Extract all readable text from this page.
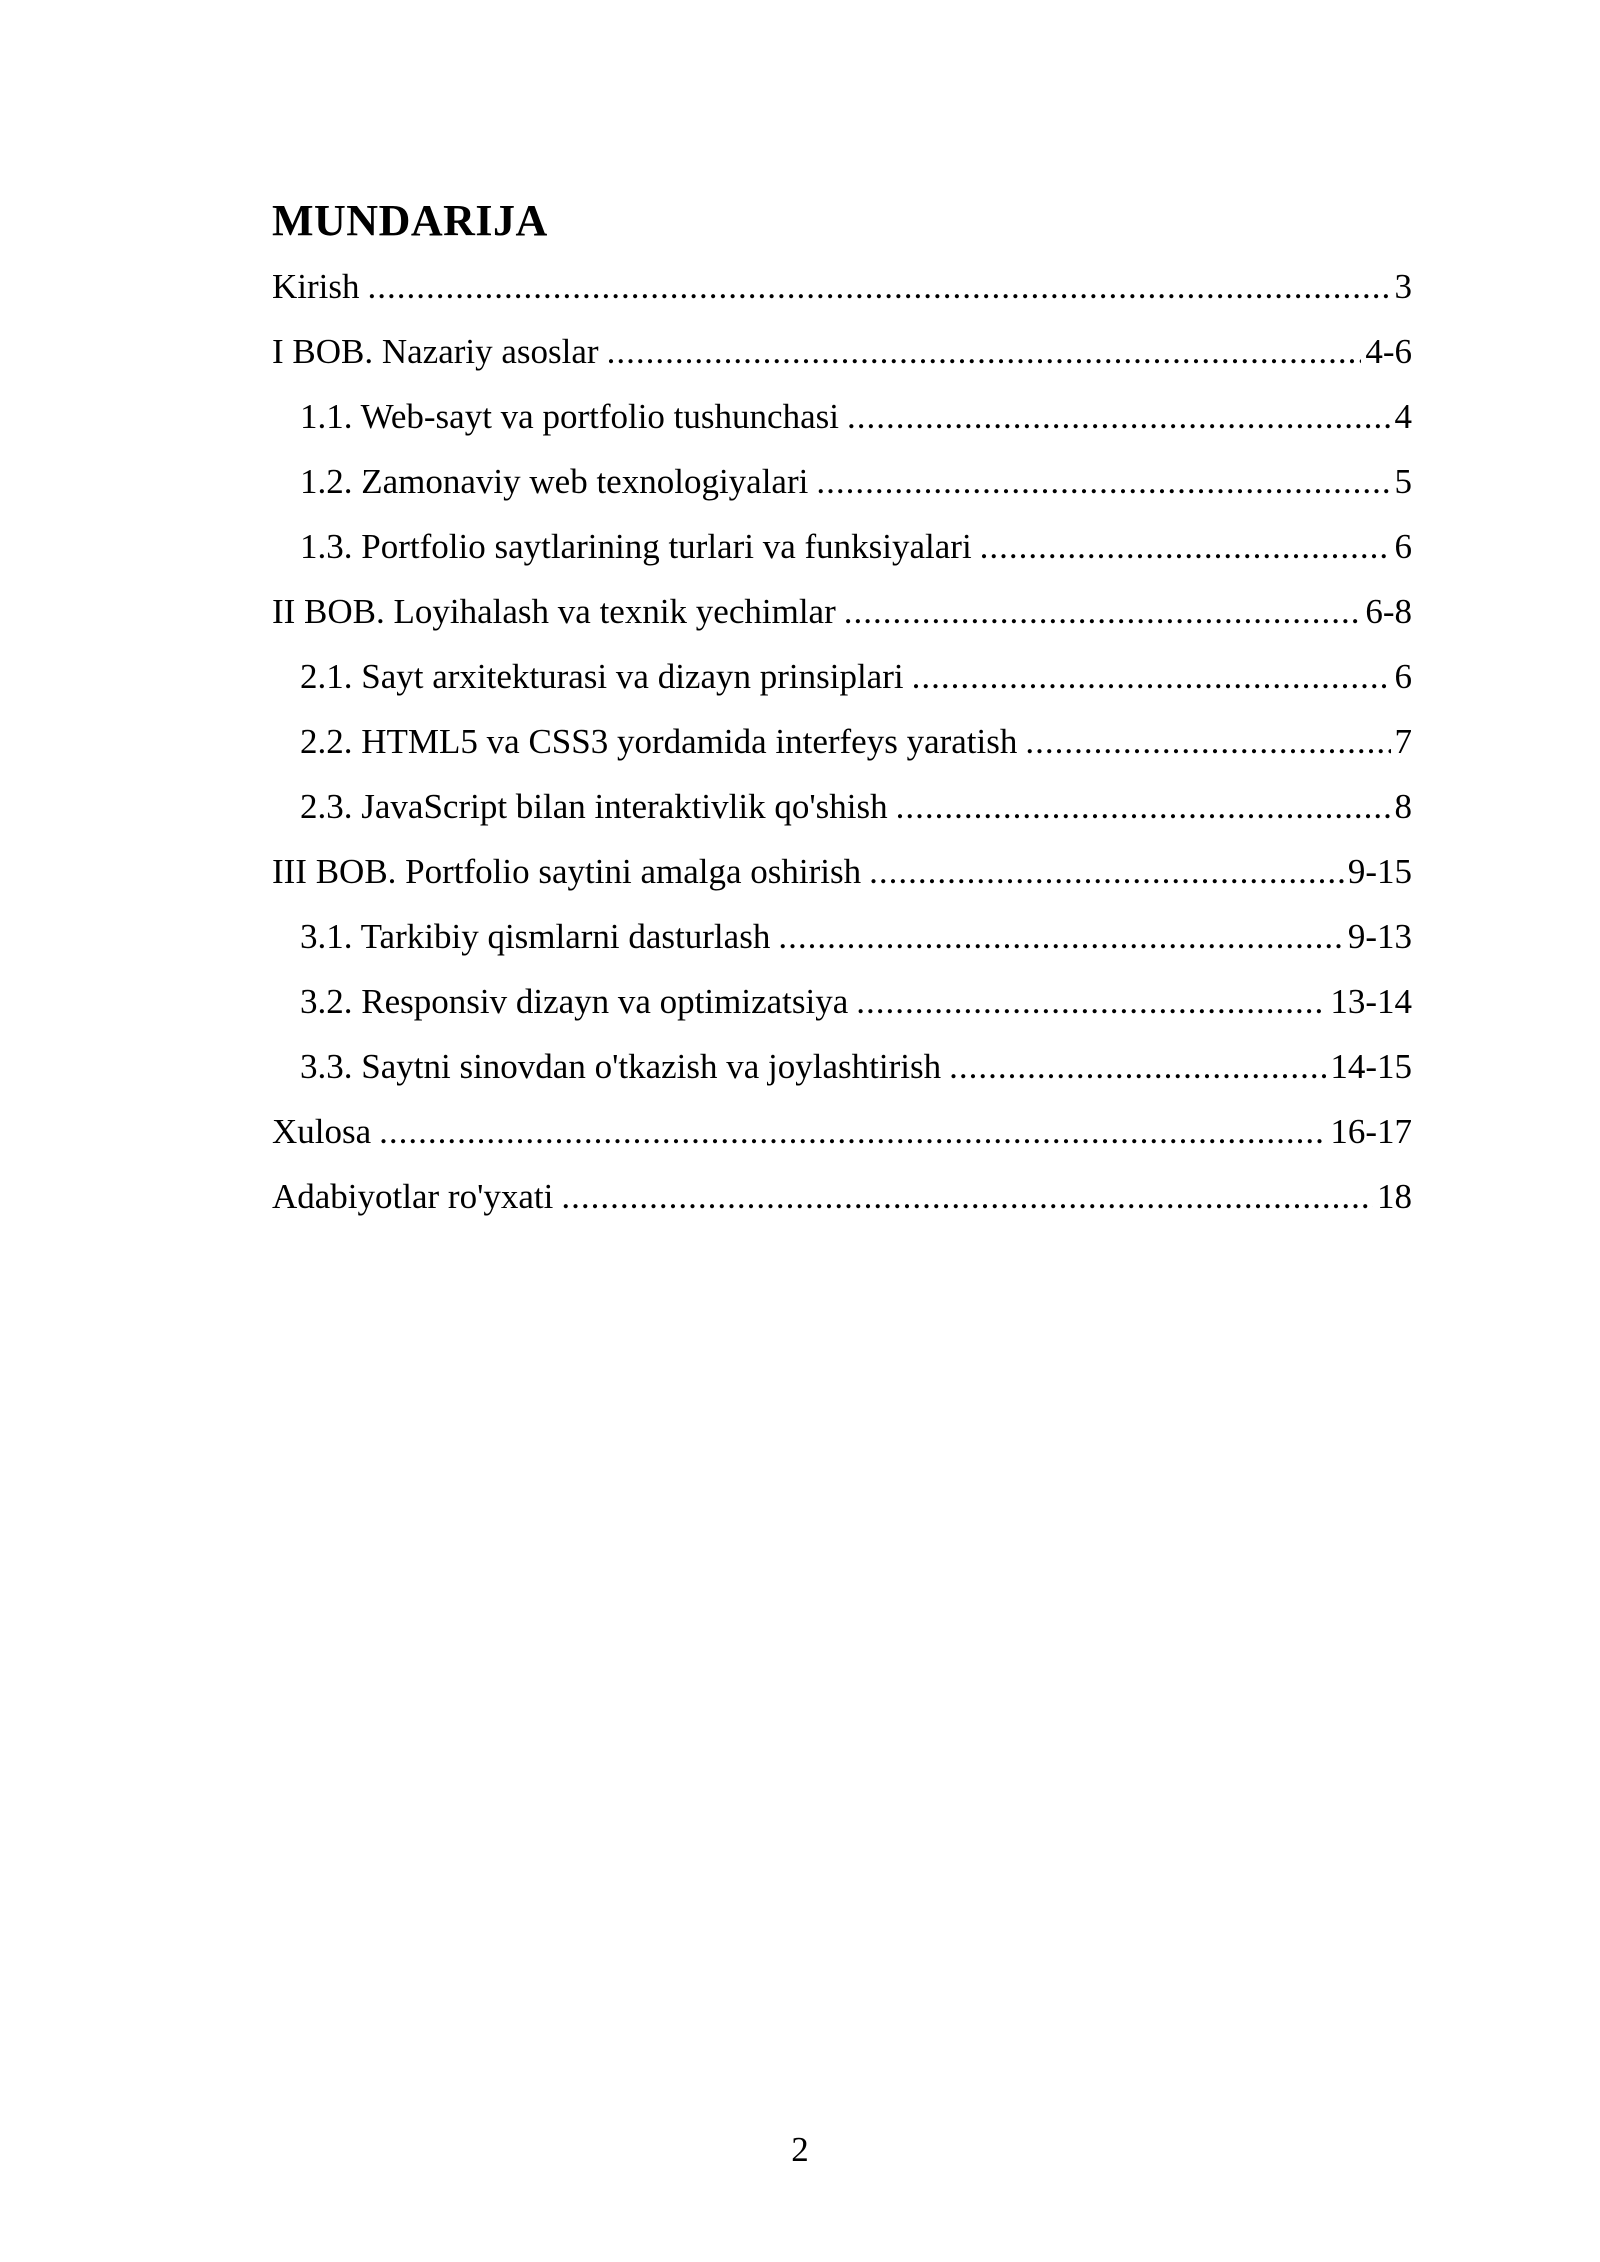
MUNDARIJA
Kirish .....	3
I BOB. Nazariy asoslar .....	4-6
1.1. Web-sayt va portfolio tushunchasi .....	4
1.2. Zamonaviy web texnologiyalari .....	5
1.3. Portfolio saytlarining turlari va funksiyalari .....	6
II BOB. Loyihalash va texnik yechimlar .....	6-8
2.1. Sayt arxitekturasi va dizayn prinsiplari .....	6
2.2. HTML5 va CSS3 yordamida interfeys yaratish .....	7
2.3. JavaScript bilan interaktivlik qo'shish .....	8
III BOB. Portfolio saytini amalga oshirish .....	9-15
3.1. Tarkibiy qismlarni dasturlash .....	9-13
3.2. Responsiv dizayn va optimizatsiya .....	13-14
3.3. Saytni sinovdan o'tkazish va joylashtirish .....	14-15
Xulosa .....	16-17
Adabiyotlar ro'yxati .....	18
2
